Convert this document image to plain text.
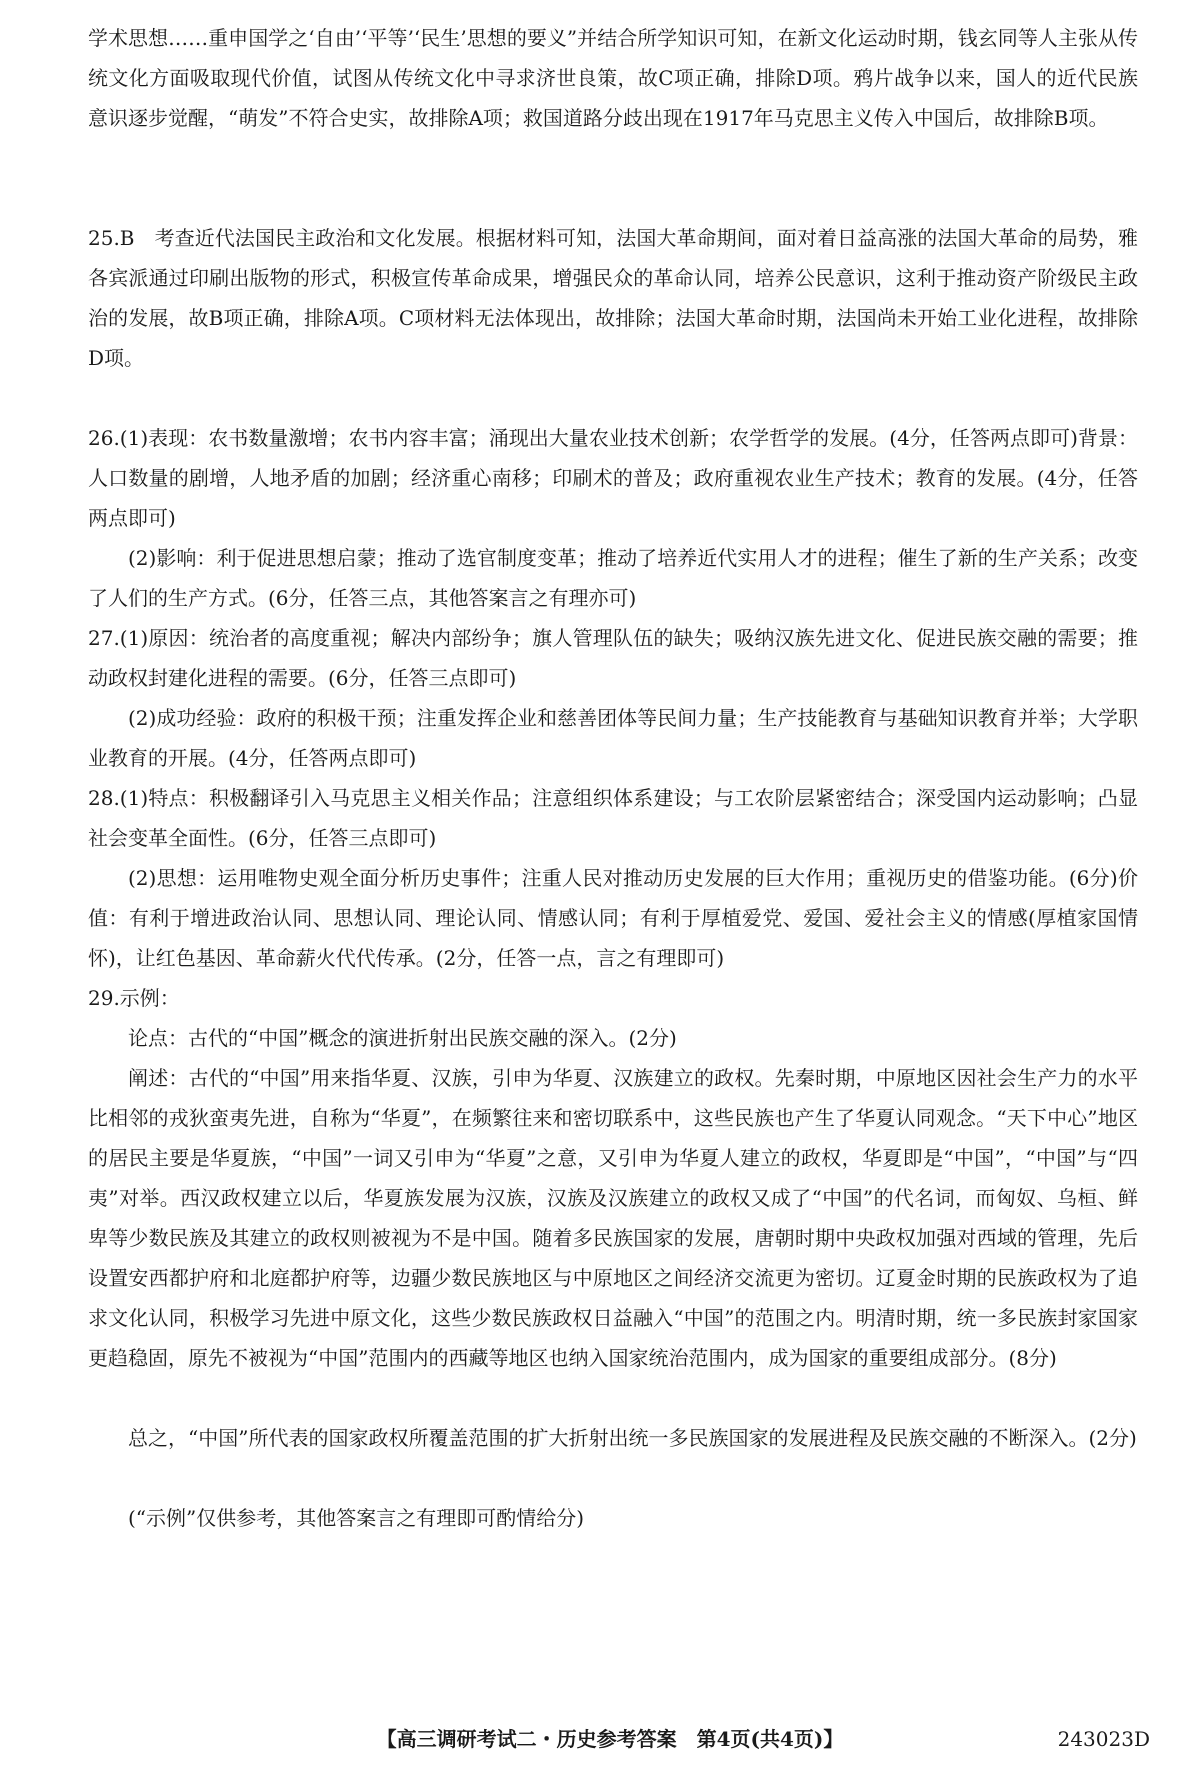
学术思想……重申国学之‘自由’‘平等’‘民生’思想的要义”并结合所学知识可知，在新文化运动时期，钱玄同等人主张从传统文化方面吸取现代价值，试图从传统文化中寻求济世良策，故C项正确，排除D项。鸦片战争以来，国人的近代民族意识逐步觉醒，“萌发”不符合史实，故排除A项；救国道路分歧出现在1917年马克思主义传入中国后，故排除B项。

25.B　考查近代法国民主政治和文化发展。根据材料可知，法国大革命期间，面对着日益高涨的法国大革命的局势，雅各宾派通过印刷出版物的形式，积极宣传革命成果，增强民众的革命认同，培养公民意识，这利于推动资产阶级民主政治的发展，故B项正确，排除A项。C项材料无法体现出，故排除；法国大革命时期，法国尚未开始工业化进程，故排除D项。

26.(1)表现：农书数量激增；农书内容丰富；涌现出大量农业技术创新；农学哲学的发展。(4分，任答两点即可)背景：人口数量的剧增，人地矛盾的加剧；经济重心南移；印刷术的普及；政府重视农业生产技术；教育的发展。(4分，任答两点即可)

(2)影响：利于促进思想启蒙；推动了选官制度变革；推动了培养近代实用人才的进程；催生了新的生产关系；改变了人们的生产方式。(6分，任答三点，其他答案言之有理亦可)

27.(1)原因：统治者的高度重视；解决内部纷争；旗人管理队伍的缺失；吸纳汉族先进文化、促进民族交融的需要；推动政权封建化进程的需要。(6分，任答三点即可)

(2)成功经验：政府的积极干预；注重发挥企业和慈善团体等民间力量；生产技能教育与基础知识教育并举；大学职业教育的开展。(4分，任答两点即可)

28.(1)特点：积极翻译引入马克思主义相关作品；注意组织体系建设；与工农阶层紧密结合；深受国内运动影响；凸显社会变革全面性。(6分，任答三点即可)

(2)思想：运用唯物史观全面分析历史事件；注重人民对推动历史发展的巨大作用；重视历史的借鉴功能。(6分)价值：有利于增进政治认同、思想认同、理论认同、情感认同；有利于厚植爱党、爱国、爱社会主义的情感(厚植家国情怀)，让红色基因、革命薪火代代传承。(2分，任答一点，言之有理即可)

29.示例：

论点：古代的“中国”概念的演进折射出民族交融的深入。(2分)

阐述：古代的“中国”用来指华夏、汉族，引申为华夏、汉族建立的政权。先秦时期，中原地区因社会生产力的水平比相邻的戎狄蛮夷先进，自称为“华夏”，在频繁往来和密切联系中，这些民族也产生了华夏认同观念。“天下中心”地区的居民主要是华夏族，“中国”一词又引申为“华夏”之意，又引申为华夏人建立的政权，华夏即是“中国”，“中国”与“四夷”对举。西汉政权建立以后，华夏族发展为汉族，汉族及汉族建立的政权又成了“中国”的代名词，而匈奴、乌桓、鲜卑等少数民族及其建立的政权则被视为不是中国。随着多民族国家的发展，唐朝时期中央政权加强对西域的管理，先后设置安西都护府和北庭都护府等，边疆少数民族地区与中原地区之间经济交流更为密切。辽夏金时期的民族政权为了追求文化认同，积极学习先进中原文化，这些少数民族政权日益融入“中国”的范围之内。明清时期，统一多民族封家国家更趋稳固，原先不被视为“中国”范围内的西藏等地区也纳入国家统治范围内，成为国家的重要组成部分。(8分)

总之，“中国”所代表的国家政权所覆盖范围的扩大折射出统一多民族国家的发展进程及民族交融的不断深入。(2分)

(“示例”仅供参考，其他答案言之有理即可酌情给分)

【高三调研考试二・历史参考答案　第4页(共4页)】	243023D
